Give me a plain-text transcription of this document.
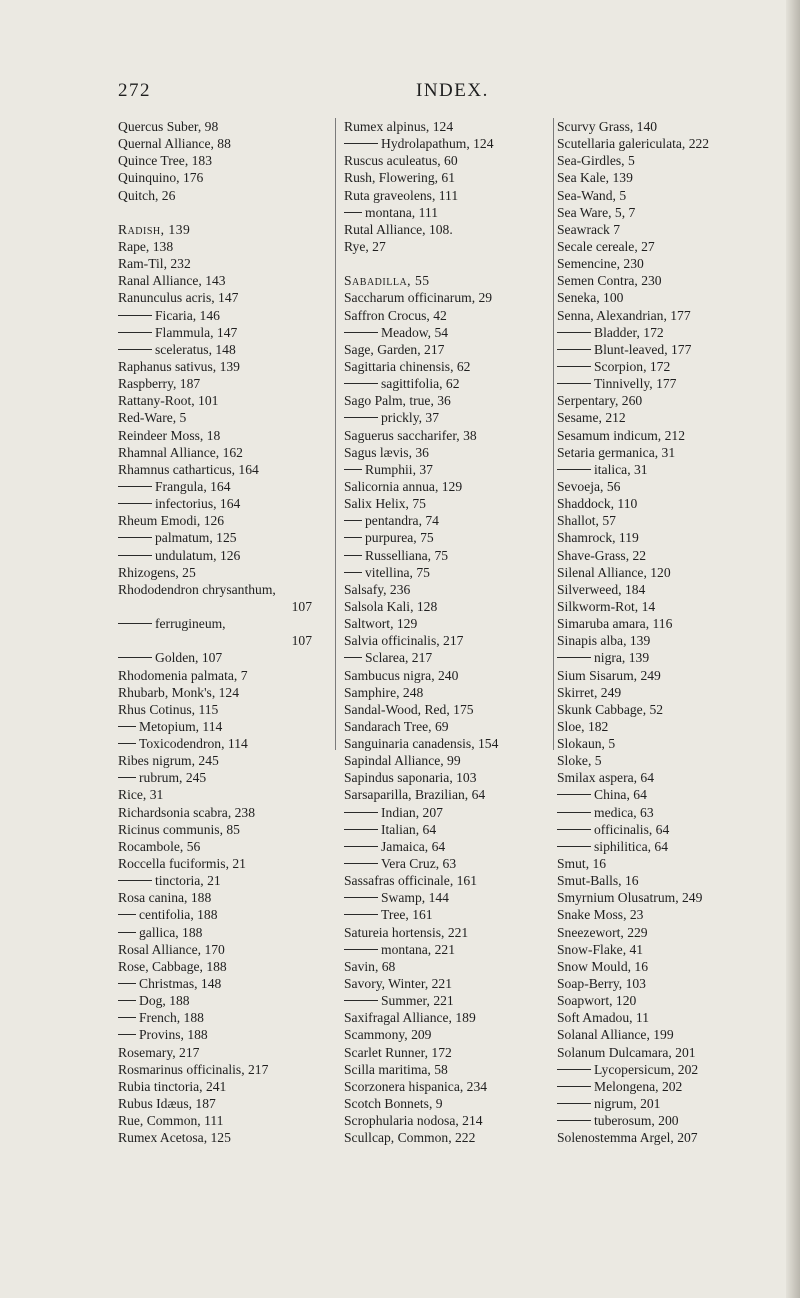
272	INDEX.
Quercus Suber, 98
Quernal Alliance, 88
Quince Tree, 183
Quinquino, 176
Quitch, 26
Radish, 139
Rape, 138
Ram-Til, 232
Ranal Alliance, 143
Ranunculus acris, 147
Ficaria, 146
Flammula, 147
sceleratus, 148
Raphanus sativus, 139
Raspberry, 187
Rattany-Root, 101
Red-Ware, 5
Reindeer Moss, 18
Rhamnal Alliance, 162
Rhamnus catharticus, 164
Frangula, 164
infectorius, 164
Rheum Emodi, 126
palmatum, 125
undulatum, 126
Rhizogens, 25
Rhododendron chrysanthum,
107
ferrugineum,
107
Golden, 107
Rhodomenia palmata, 7
Rhubarb, Monk's, 124
Rhus Cotinus, 115
Metopium, 114
Toxicodendron, 114
Ribes nigrum, 245
rubrum, 245
Rice, 31
Richardsonia scabra, 238
Ricinus communis, 85
Rocambole, 56
Roccella fuciformis, 21
tinctoria, 21
Rosa canina, 188
centifolia, 188
gallica, 188
Rosal Alliance, 170
Rose, Cabbage, 188
Christmas, 148
Dog, 188
French, 188
Provins, 188
Rosemary, 217
Rosmarinus officinalis, 217
Rubia tinctoria, 241
Rubus Idæus, 187
Rue, Common, 111
Rumex Acetosa, 125
Rumex alpinus, 124
Hydrolapathum, 124
Ruscus aculeatus, 60
Rush, Flowering, 61
Ruta graveolens, 111
montana, 111
Rutal Alliance, 108.
Rye, 27
Sabadilla, 55
Saccharum officinarum, 29
Saffron Crocus, 42
Meadow, 54
Sage, Garden, 217
Sagittaria chinensis, 62
sagittifolia, 62
Sago Palm, true, 36
prickly, 37
Saguerus saccharifer, 38
Sagus lævis, 36
Rumphii, 37
Salicornia annua, 129
Salix Helix, 75
pentandra, 74
purpurea, 75
Russelliana, 75
vitellina, 75
Salsafy, 236
Salsola Kali, 128
Saltwort, 129
Salvia officinalis, 217
Sclarea, 217
Sambucus nigra, 240
Samphire, 248
Sandal-Wood, Red, 175
Sandarach Tree, 69
Sanguinaria canadensis, 154
Sapindal Alliance, 99
Sapindus saponaria, 103
Sarsaparilla, Brazilian, 64
Indian, 207
Italian, 64
Jamaica, 64
Vera Cruz, 63
Sassafras officinale, 161
Swamp, 144
Tree, 161
Satureia hortensis, 221
montana, 221
Savin, 68
Savory, Winter, 221
Summer, 221
Saxifragal Alliance, 189
Scammony, 209
Scarlet Runner, 172
Scilla maritima, 58
Scorzonera hispanica, 234
Scotch Bonnets, 9
Scrophularia nodosa, 214
Scullcap, Common, 222
Scurvy Grass, 140
Scutellaria galericulata, 222
Sea-Girdles, 5
Sea Kale, 139
Sea-Wand, 5
Sea Ware, 5, 7
Seawrack 7
Secale cereale, 27
Semencine, 230
Semen Contra, 230
Seneka, 100
Senna, Alexandrian, 177
Bladder, 172
Blunt-leaved, 177
Scorpion, 172
Tinnivelly, 177
Serpentary, 260
Sesame, 212
Sesamum indicum, 212
Setaria germanica, 31
italica, 31
Sevoeja, 56
Shaddock, 110
Shallot, 57
Shamrock, 119
Shave-Grass, 22
Silenal Alliance, 120
Silverweed, 184
Silkworm-Rot, 14
Simaruba amara, 116
Sinapis alba, 139
nigra, 139
Sium Sisarum, 249
Skirret, 249
Skunk Cabbage, 52
Sloe, 182
Slokaun, 5
Sloke, 5
Smilax aspera, 64
China, 64
medica, 63
officinalis, 64
siphilitica, 64
Smut, 16
Smut-Balls, 16
Smyrnium Olusatrum, 249
Snake Moss, 23
Sneezewort, 229
Snow-Flake, 41
Snow Mould, 16
Soap-Berry, 103
Soapwort, 120
Soft Amadou, 11
Solanal Alliance, 199
Solanum Dulcamara, 201
Lycopersicum, 202
Melongena, 202
nigrum, 201
tuberosum, 200
Solenostemma Argel, 207
